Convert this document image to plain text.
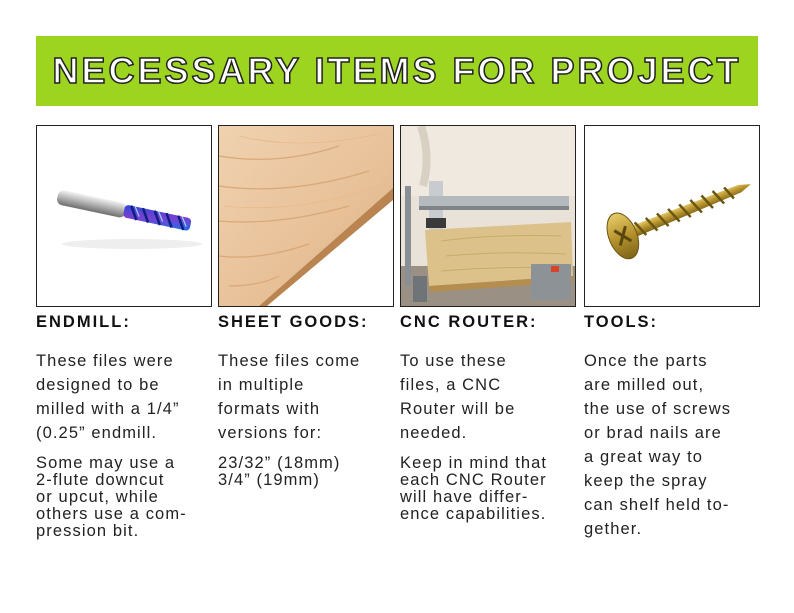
NECESSARY ITEMS FOR PROJECT
ENDMILL:
These files were
designed to be
milled with a 1/4”
(0.25” endmill.
Some may use a
2-flute downcut
or upcut, while
others use a com-
pression bit.
SHEET GOODS:
These files come
in multiple
formats with
versions for:
23/32” (18mm)
3/4” (19mm)
CNC ROUTER:
To use these
files, a CNC
Router will be
needed.
Keep in mind that
each CNC Router
will have differ-
ence capabilities.
TOOLS:
Once the parts
are milled out,
the use of screws
or brad nails are
a great way to
keep the spray
can shelf held to-
gether.
